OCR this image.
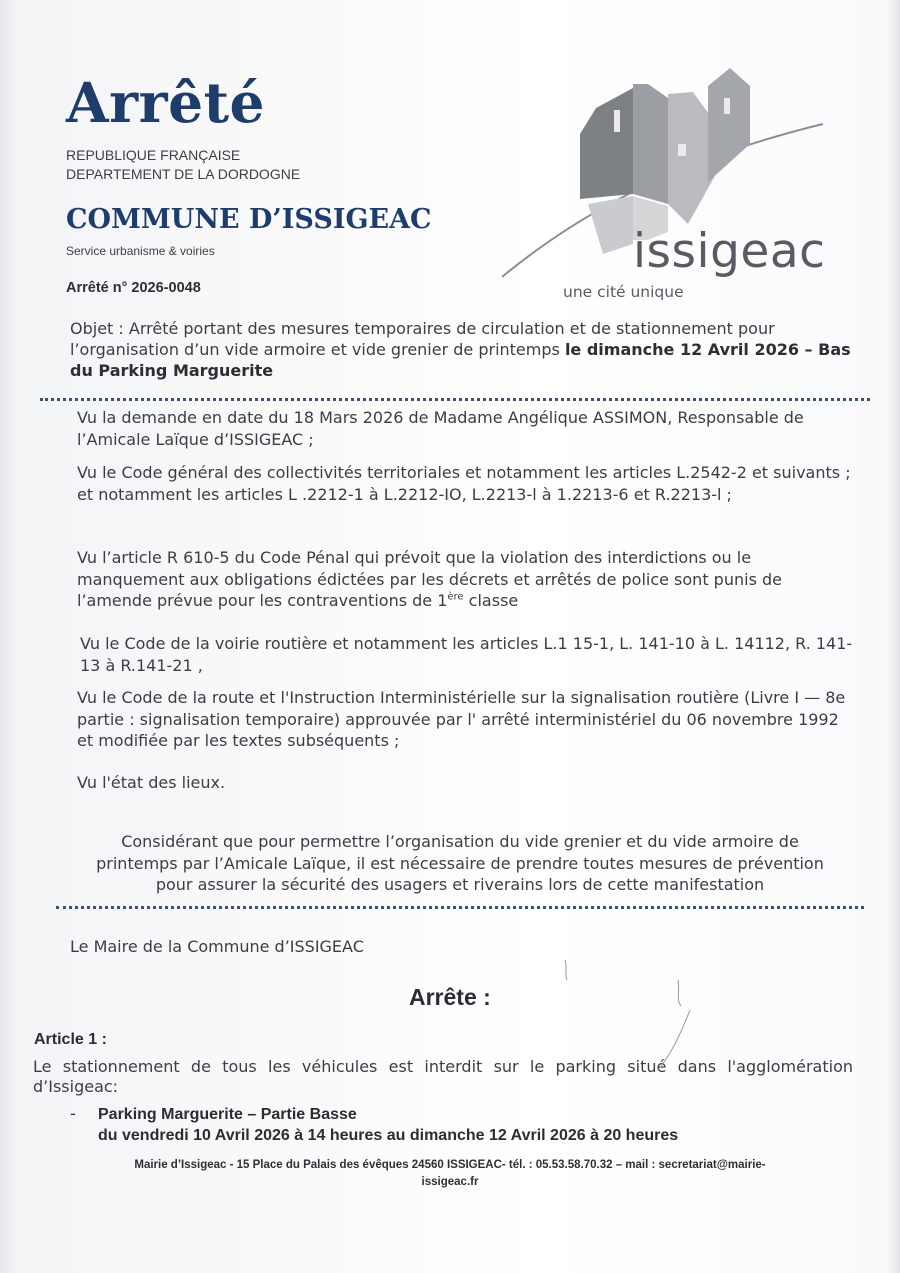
Arrêté
REPUBLIQUE FRANÇAISE
DEPARTEMENT DE LA DORDOGNE
COMMUNE D’ISSIGEAC
Service urbanisme & voiries
Arrêté n° 2026-0048
issigeac
une cité unique
Objet : Arrêté portant des mesures temporaires de circulation et de stationnement pour l’organisation d’un vide armoire et vide grenier de printemps le dimanche 12 Avril 2026 – Bas du Parking Marguerite

Vu la demande en date du 18 Mars 2026 de Madame Angélique ASSIMON, Responsable de l’Amicale Laïque d’ISSIGEAC ;

Vu le Code général des collectivités territoriales et notamment les articles L.2542-2 et suivants ; et notamment les articles L .2212-1 à L.2212-IO, L.2213-l à 1.2213-6 et R.2213-l ;

Vu l’article R 610-5 du Code Pénal qui prévoit que la violation des interdictions ou le manquement aux obligations édictées par les décrets et arrêtés de police sont punis de l’amende prévue pour les contraventions de 1ère classe

Vu le Code de la voirie routière et notamment les articles L.1 15-1, L. 141-10 à L. 14112, R. 141-13 à R.141-21 ,

Vu le Code de la route et l'Instruction Interministérielle sur la signalisation routière (Livre I — 8e partie : signalisation temporaire) approuvée par l' arrêté interministériel du 06 novembre 1992 et modifiée par les textes subséquents ;

Vu l'état des lieux.

Considérant que pour permettre l’organisation du vide grenier et du vide armoire de printemps par l’Amicale Laïque, il est nécessaire de prendre toutes mesures de prévention pour assurer la sécurité des usagers et riverains lors de cette manifestation

Le Maire de la Commune d’ISSIGEAC
Arrête :
Article 1 :
Le stationnement de tous les véhicules est interdit sur le parking situé dans l'agglomération d’Issigeac:
- Parking Marguerite – Partie Basse
du vendredi 10 Avril 2026 à 14 heures au dimanche 12 Avril 2026 à 20 heures
Mairie d’Issigeac - 15 Place du Palais des évêques 24560 ISSIGEAC- tél. : 05.53.58.70.32 – mail : secretariat@mairie-
issigeac.fr
